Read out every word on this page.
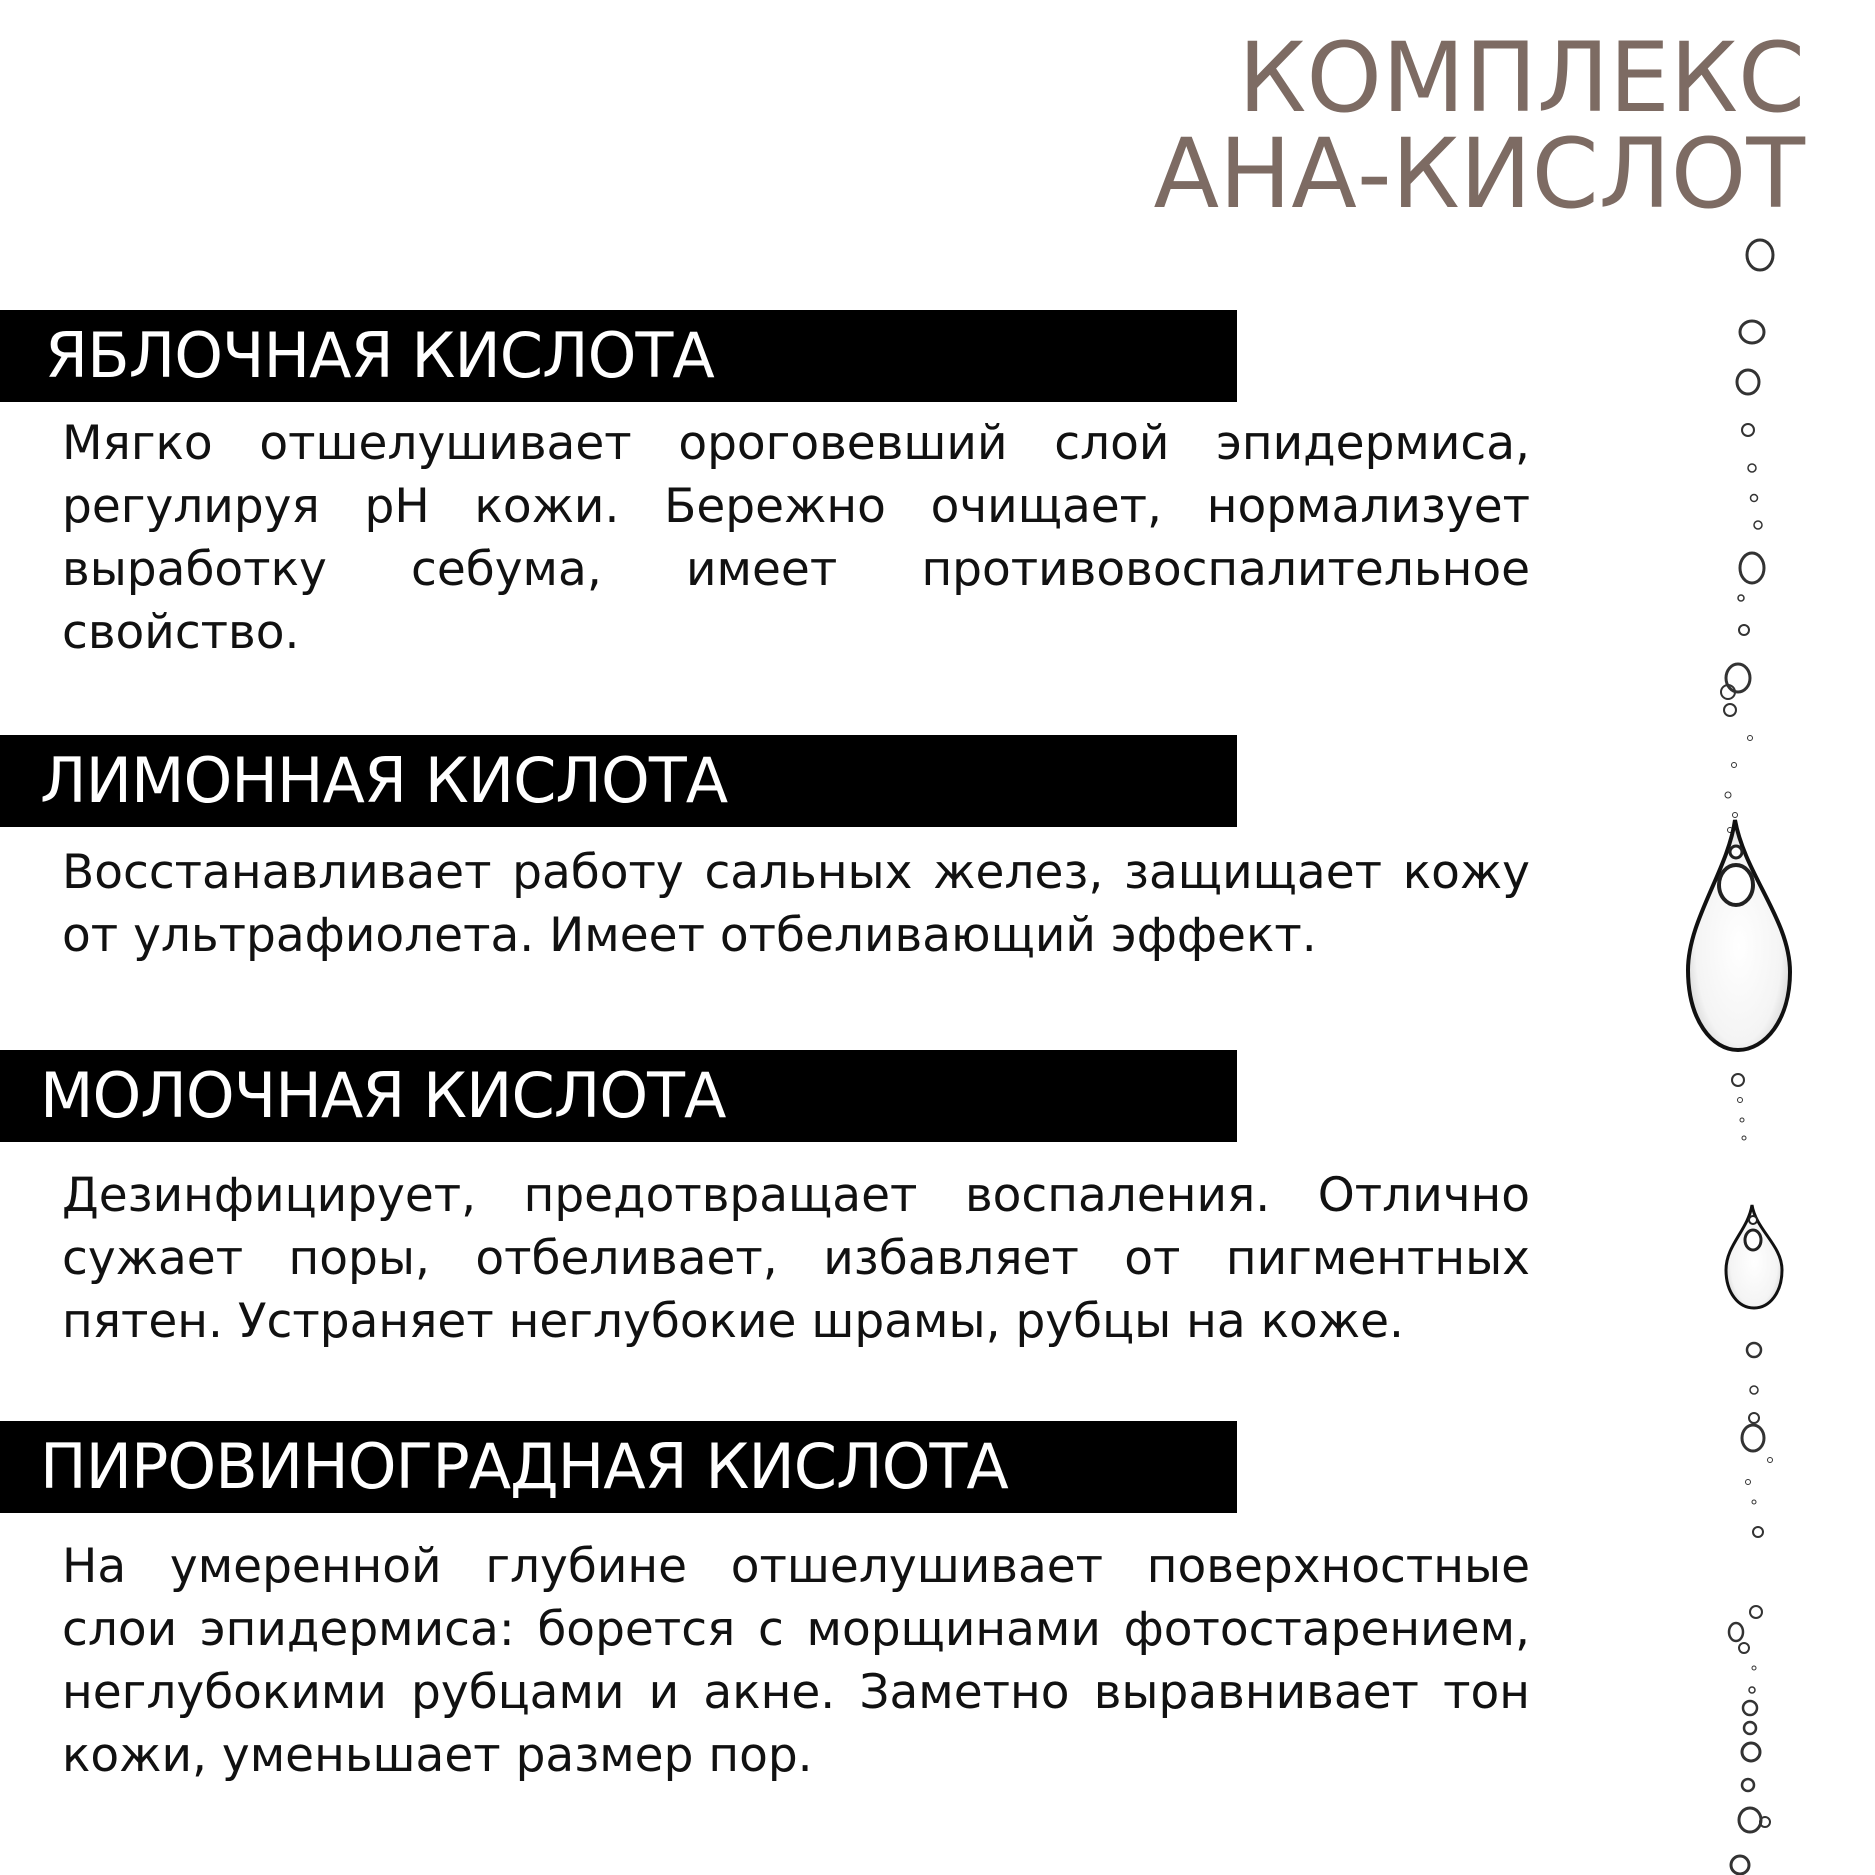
КОМПЛЕКС
АНА-КИСЛОТ
ЯБЛОЧНАЯ КИСЛОТА
Мягко отшелушивает ороговевший слой эпидермиса, регулируя рН кожи. Бережно очищает, нормализует выработку себума, имеет противовоспалительное свойство.
ЛИМОННАЯ КИСЛОТА
Восстанавливает работу сальных желез, защищает кожу от ультрафиолета. Имеет отбеливающий эффект.
МОЛОЧНАЯ КИСЛОТА
Дезинфицирует, предотвращает воспаления. Отлично сужает поры, отбеливает, избавляет от пигментных пятен. Устраняет неглубокие шрамы, рубцы на коже.
ПИРОВИНОГРАДНАЯ КИСЛОТА
На умеренной глубине отшелушивает поверхностные слои эпидермиса: борется с морщинами фотостарением, неглубокими рубцами и акне. Заметно выравнивает тон кожи, уменьшает размер пор.
